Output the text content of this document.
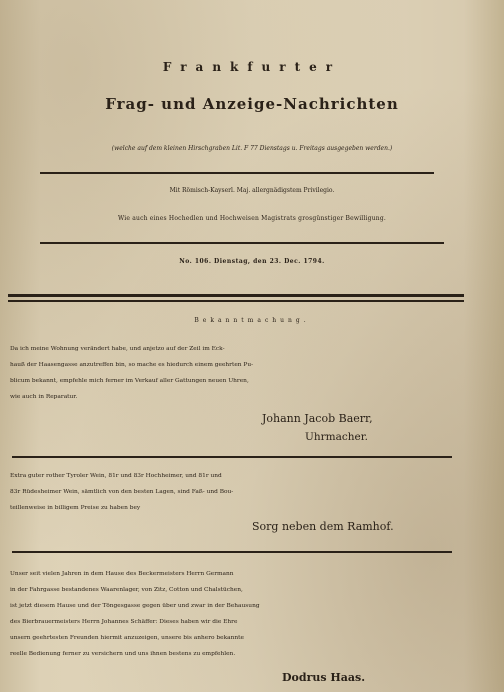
Frankfurter
Frag- und Anzeige-Nachrichten
(welche auf dem kleinen Hirschgraben Lit. F 77 Dienstags u. Freitags ausgegeben werden.)
Mit Römisch-Kayserl. Maj. allergnädigstem Privilegio.
Wie auch eines Hochedlen und Hochweisen Magistrats grosgünstiger Bewilligung.
No. 106. Dienstag, den 23. Dec. 1794.
Bekanntmachung.
Da ich meine Wohnung verändert habe, und anjetzo auf der Zeil im Eck-
hauß der Haasengasse anzutreffen bin, so mache es hiedurch einem geehrten Pu-
blicum bekannt, empfehle mich ferner im Verkauf aller Gattungen neuen Uhren,
wie auch in Reparatur.
Johann Jacob Baerr,
Uhrmacher.
Extra guter rother Tyroler Wein, 81r und 83r Hochheimer, und 81r und
83r Rüdesheimer Wein, sämtlich von den besten Lagen, sind Faß- und Bou-
teillenweise in billigem Preise zu haben bey
Sorg neben dem Ramhof.
Unser seit vielen Jahren in dem Hause des Beckermeisters Herrn Germann
in der Fahrgasse bestandenes Waarenlager, von Zitz, Cotton und Chalstüchen,
ist jetzt diesem Hause und der Töngesgasse gegen über und zwar in der Behausung
des Bierbrauermeisters Herrn Johannes Schäffer: Dieses haben wir die Ehre
unsern geehrtesten Freunden hiermit anzuzeigen, unsere bis anhero bekannte
reelle Bedienung ferner zu versichern und uns ihnen bestens zu empfehlen.
Dodrus Haas.
